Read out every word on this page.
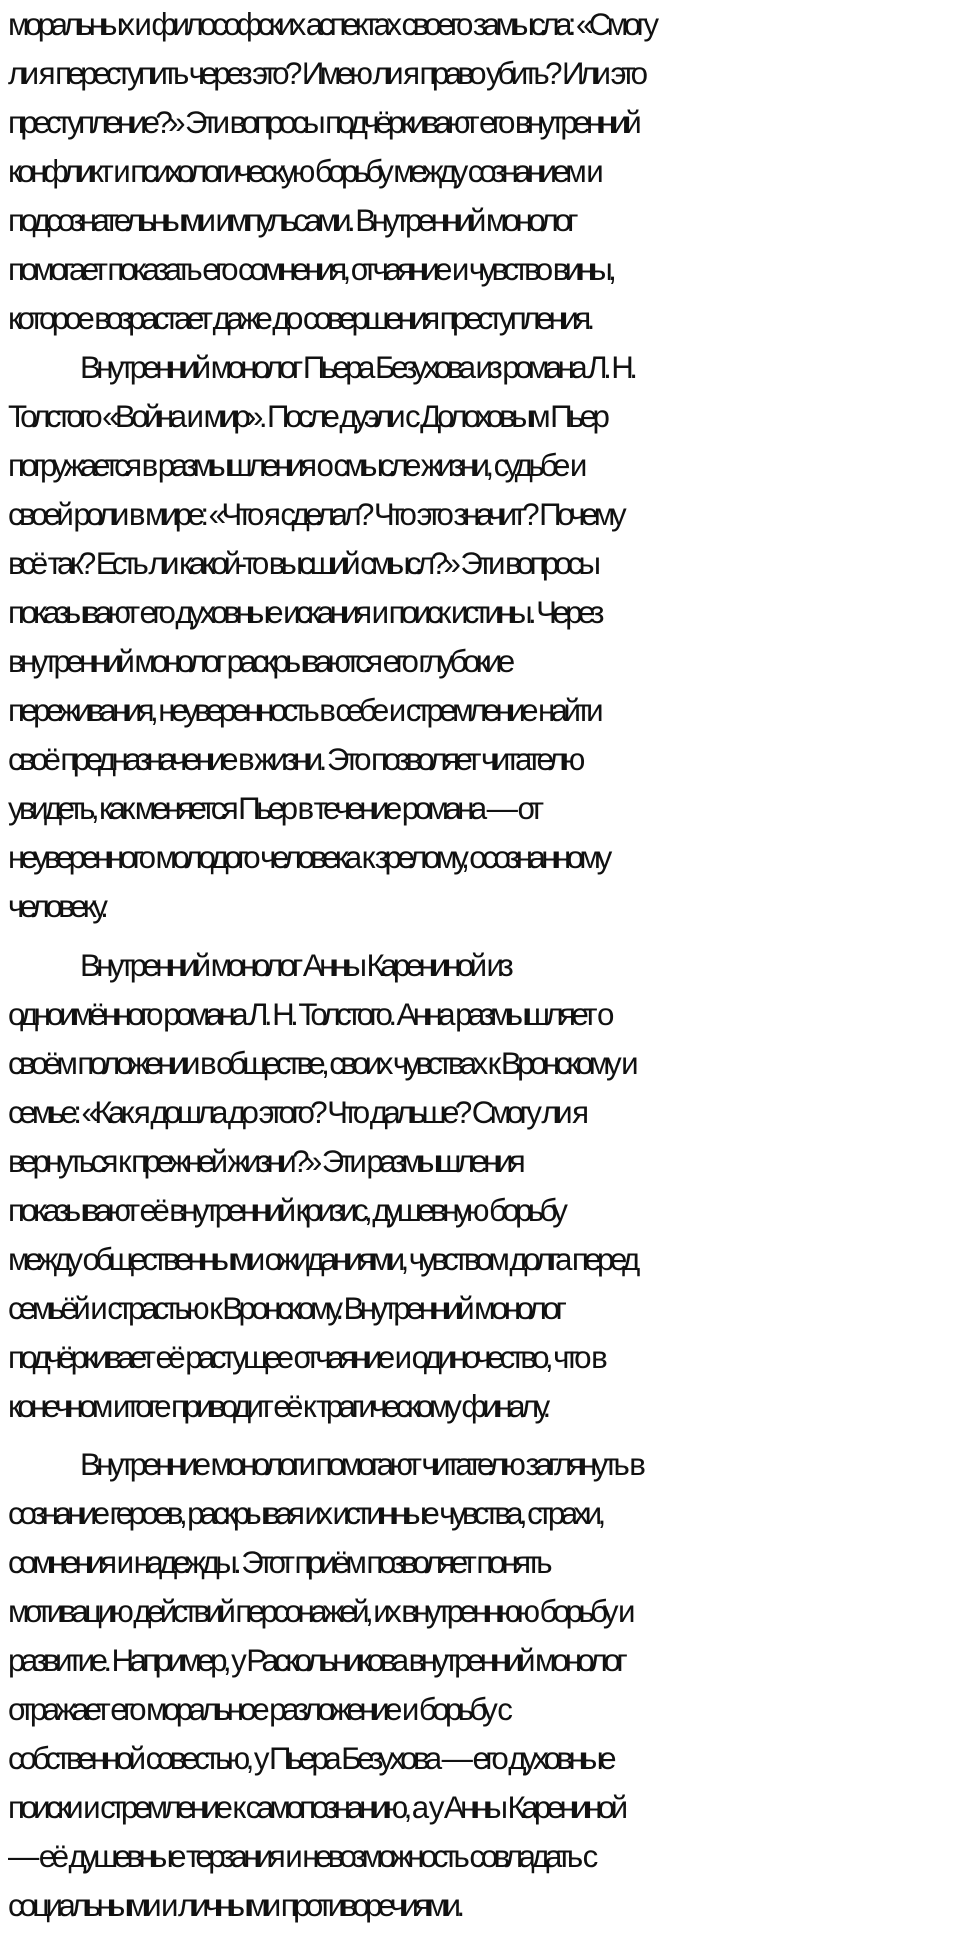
моральных и философских аспектах своего замысла: «Смогу
ли я переступить через это? Имею ли я право убить? Или это
преступление?» Эти вопросы подчёркивают его внутренний
конфликт и психологическую борьбу между сознанием и
подсознательными импульсами. Внутренний монолог
помогает показать его сомнения, отчаяние и чувство вины,
которое возрастает даже до совершения преступления.
Внутренний монолог Пьера Безухова из романа Л. Н.
Толстого «Война и мир». После дуэли с Долоховым Пьер
погружается в размышления о смысле жизни, судьбе и
своей роли в мире: «Что я сделал? Что это значит? Почему
всё так? Есть ли какой-то высший смысл?» Эти вопросы
показывают его духовные искания и поиск истины. Через
внутренний монолог раскрываются его глубокие
переживания, неуверенность в себе и стремление найти
своё предназначение в жизни. Это позволяет читателю
увидеть, как меняется Пьер в течение романа — от
неуверенного молодого человека к зрелому, осознанному
человеку.
Внутренний монолог Анны Карениной из
одноимённого романа Л. Н. Толстого. Анна размышляет о
своём положении в обществе, своих чувствах к Вронскому и
семье: «Как я дошла до этого? Что дальше? Смогу ли я
вернуться к прежней жизни?» Эти размышления
показывают её внутренний кризис, душевную борьбу
между общественными ожиданиями, чувством долга перед
семьёй и страстью к Вронскому. Внутренний монолог
подчёркивает её растущее отчаяние и одиночество, что в
конечном итоге приводит её к трагическому финалу.
Внутренние монологи помогают читателю заглянуть в
сознание героев, раскрывая их истинные чувства, страхи,
сомнения и надежды. Этот приём позволяет понять
мотивацию действий персонажей, их внутреннюю борьбу и
развитие. Например, у Раскольникова внутренний монолог
отражает его моральное разложение и борьбу с
собственной совестью, у Пьера Безухова — его духовные
поиски и стремление к самопознанию, а у Анны Карениной
— её душевные терзания и невозможность совладать с
социальными и личными противоречиями.
